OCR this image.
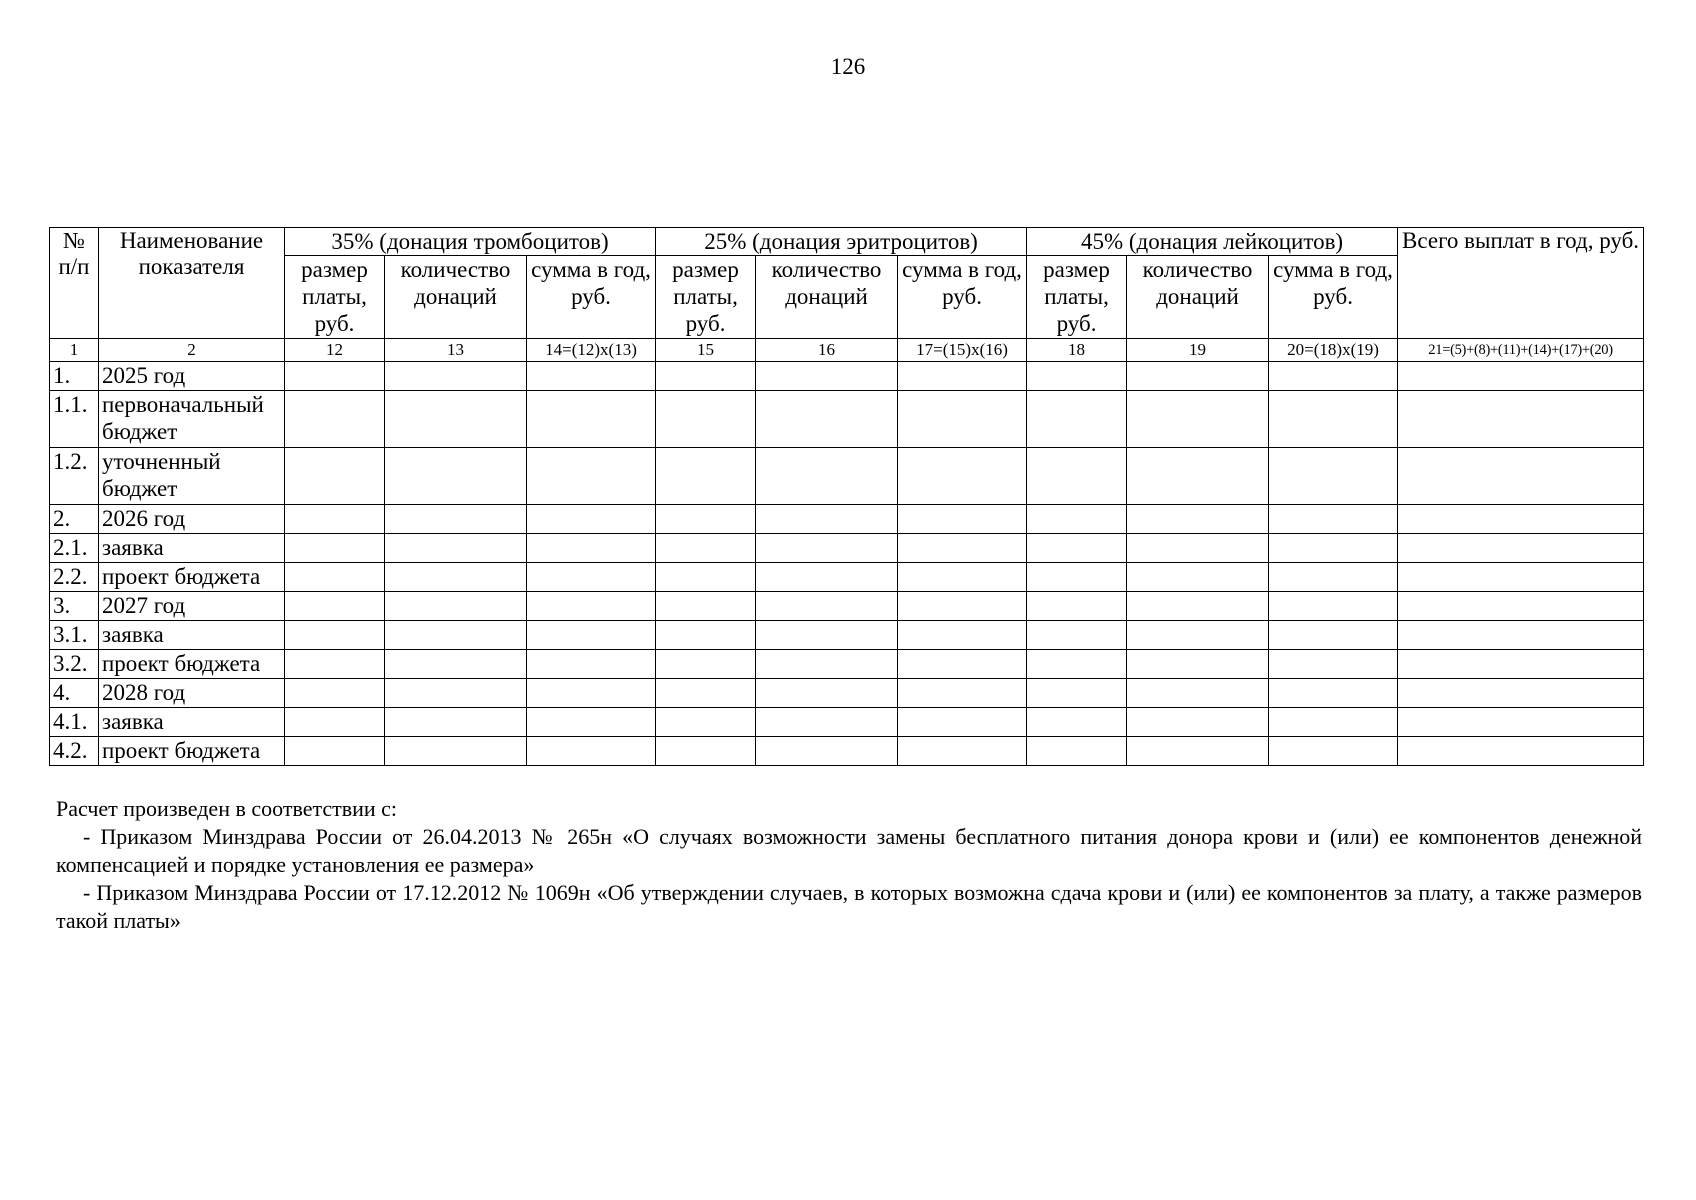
126
№ п/п	Наименование показателя	35% (донация тромбоцитов)			25% (донация эритроцитов)			45% (донация лейкоцитов)			Всего выплат в год, руб.
		размер платы, руб.	количество донаций	сумма в год, руб.	размер платы, руб.	количество донаций	сумма в год, руб.	размер платы, руб.	количество донаций	сумма в год, руб.	
1	2	12	13	14=(12)х(13)	15	16	17=(15)х(16)	18	19	20=(18)х(19)	21=(5)+(8)+(11)+(14)+(17)+(20)
1.	2025 год										
1.1.	первоначальный бюджет										
1.2.	уточненный бюджет										
2.	2026 год										
2.1.	заявка										
2.2.	проект бюджета										
3.	2027 год										
3.1.	заявка										
3.2.	проект бюджета										
4.	2028 год										
4.1.	заявка										
4.2.	проект бюджета										

Расчет произведен в соответствии с:

- Приказом Минздрава России от 26.04.2013 № 265н «О случаях возможности замены бесплатного питания донора крови и (или) ее компонентов денежной компенсацией и порядке установления ее размера»

- Приказом Минздрава России от 17.12.2012 № 1069н «Об утверждении случаев, в которых возможна сдача крови и (или) ее компонентов за плату, а также размеров такой платы»
